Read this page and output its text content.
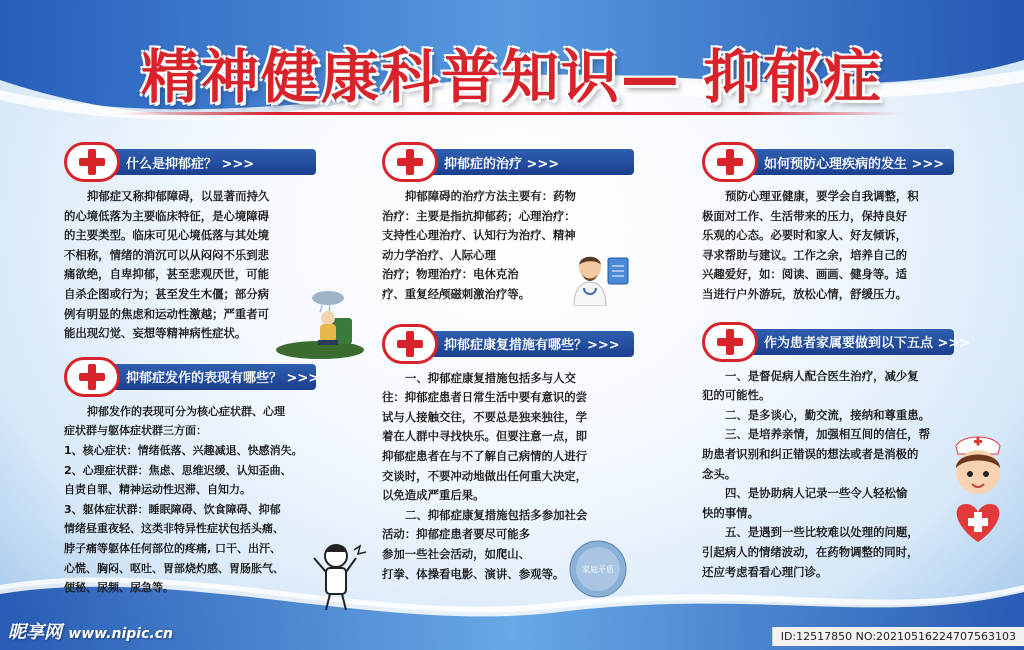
精神健康科普知识— 抑郁症
什么是抑郁症？ >>>
抑郁症又称抑郁障碍，以显著而持久
的心境低落为主要临床特征，是心境障碍
的主要类型。临床可见心境低落与其处境
不相称，情绪的消沉可以从闷闷不乐到悲
痛欲绝，自卑抑郁，甚至悲观厌世，可能
自杀企图或行为；甚至发生木僵；部分病
例有明显的焦虑和运动性激越；严重者可
能出现幻觉、妄想等精神病性症状。
抑郁症发作的表现有哪些？ >>>
抑郁发作的表现可分为核心症状群、心理
症状群与躯体症状群三方面：
1、核心症状：情绪低落、兴趣减退、快感消失。
2、心理症状群：焦虑、思维迟缓、认知歪曲、
自责自罪、精神运动性迟滞、自知力。
3、躯体症状群：睡眠障碍、饮食障碍、抑郁
情绪昼重夜轻、这类非特异性症状包括头痛、
脖子痛等躯体任何部位的疼痛, 口干、出汗、
心慌、胸闷、呕吐、胃部烧灼感、胃肠胀气、
便秘、尿频、尿急等。
抑郁症的治疗 >>>
抑郁障碍的治疗方法主要有：药物
治疗：主要是指抗抑郁药；心理治疗：
支持性心理治疗、认知行为治疗、精神
动力学治疗、人际心理
治疗；物理治疗：电休克治
疗、重复经颅磁刺激治疗等。
抑郁症康复措施有哪些？>>>
一、抑郁症康复措施包括多与人交
往：抑郁症患者日常生活中要有意识的尝
试与人接触交往，不要总是独来独往，学
着在人群中寻找快乐。但要注意一点，即
抑郁症患者在与不了解自己病情的人进行
交谈时，不要冲动地做出任何重大决定，
以免造成严重后果。
二、抑郁症康复措施包括多参加社会
活动：抑郁症患者要尽可能多
参加一些社会活动，如爬山、
打拳、体操看电影、演讲、参观等。
如何预防心理疾病的发生 >>>
预防心理亚健康，要学会自我调整，积
极面对工作、生活带来的压力，保持良好
乐观的心态。必要时和家人、好友倾诉，
寻求帮助与建议。工作之余，培养自己的
兴趣爱好，如：阅读、画画、健身等。适
当进行户外游玩，放松心情，舒缓压力。
作为患者家属要做到以下五点 >>>
一、是督促病人配合医生治疗，减少复
犯的可能性。
二、是多谈心，勤交流，接纳和尊重患。
三、是培养亲情，加强相互间的信任，帮
助患者识别和纠正错误的想法或者是消极的
念头。
四、是协助病人记录一些令人轻松愉
快的事情。
五、是遇到一些比较难以处理的问题，
引起病人的情绪波动，在药物调整的同时，
还应考虑看看心理门诊。
家庭矛盾
昵享网 www.nipic.cn	ID:12517850 NO:20210516224707563103
